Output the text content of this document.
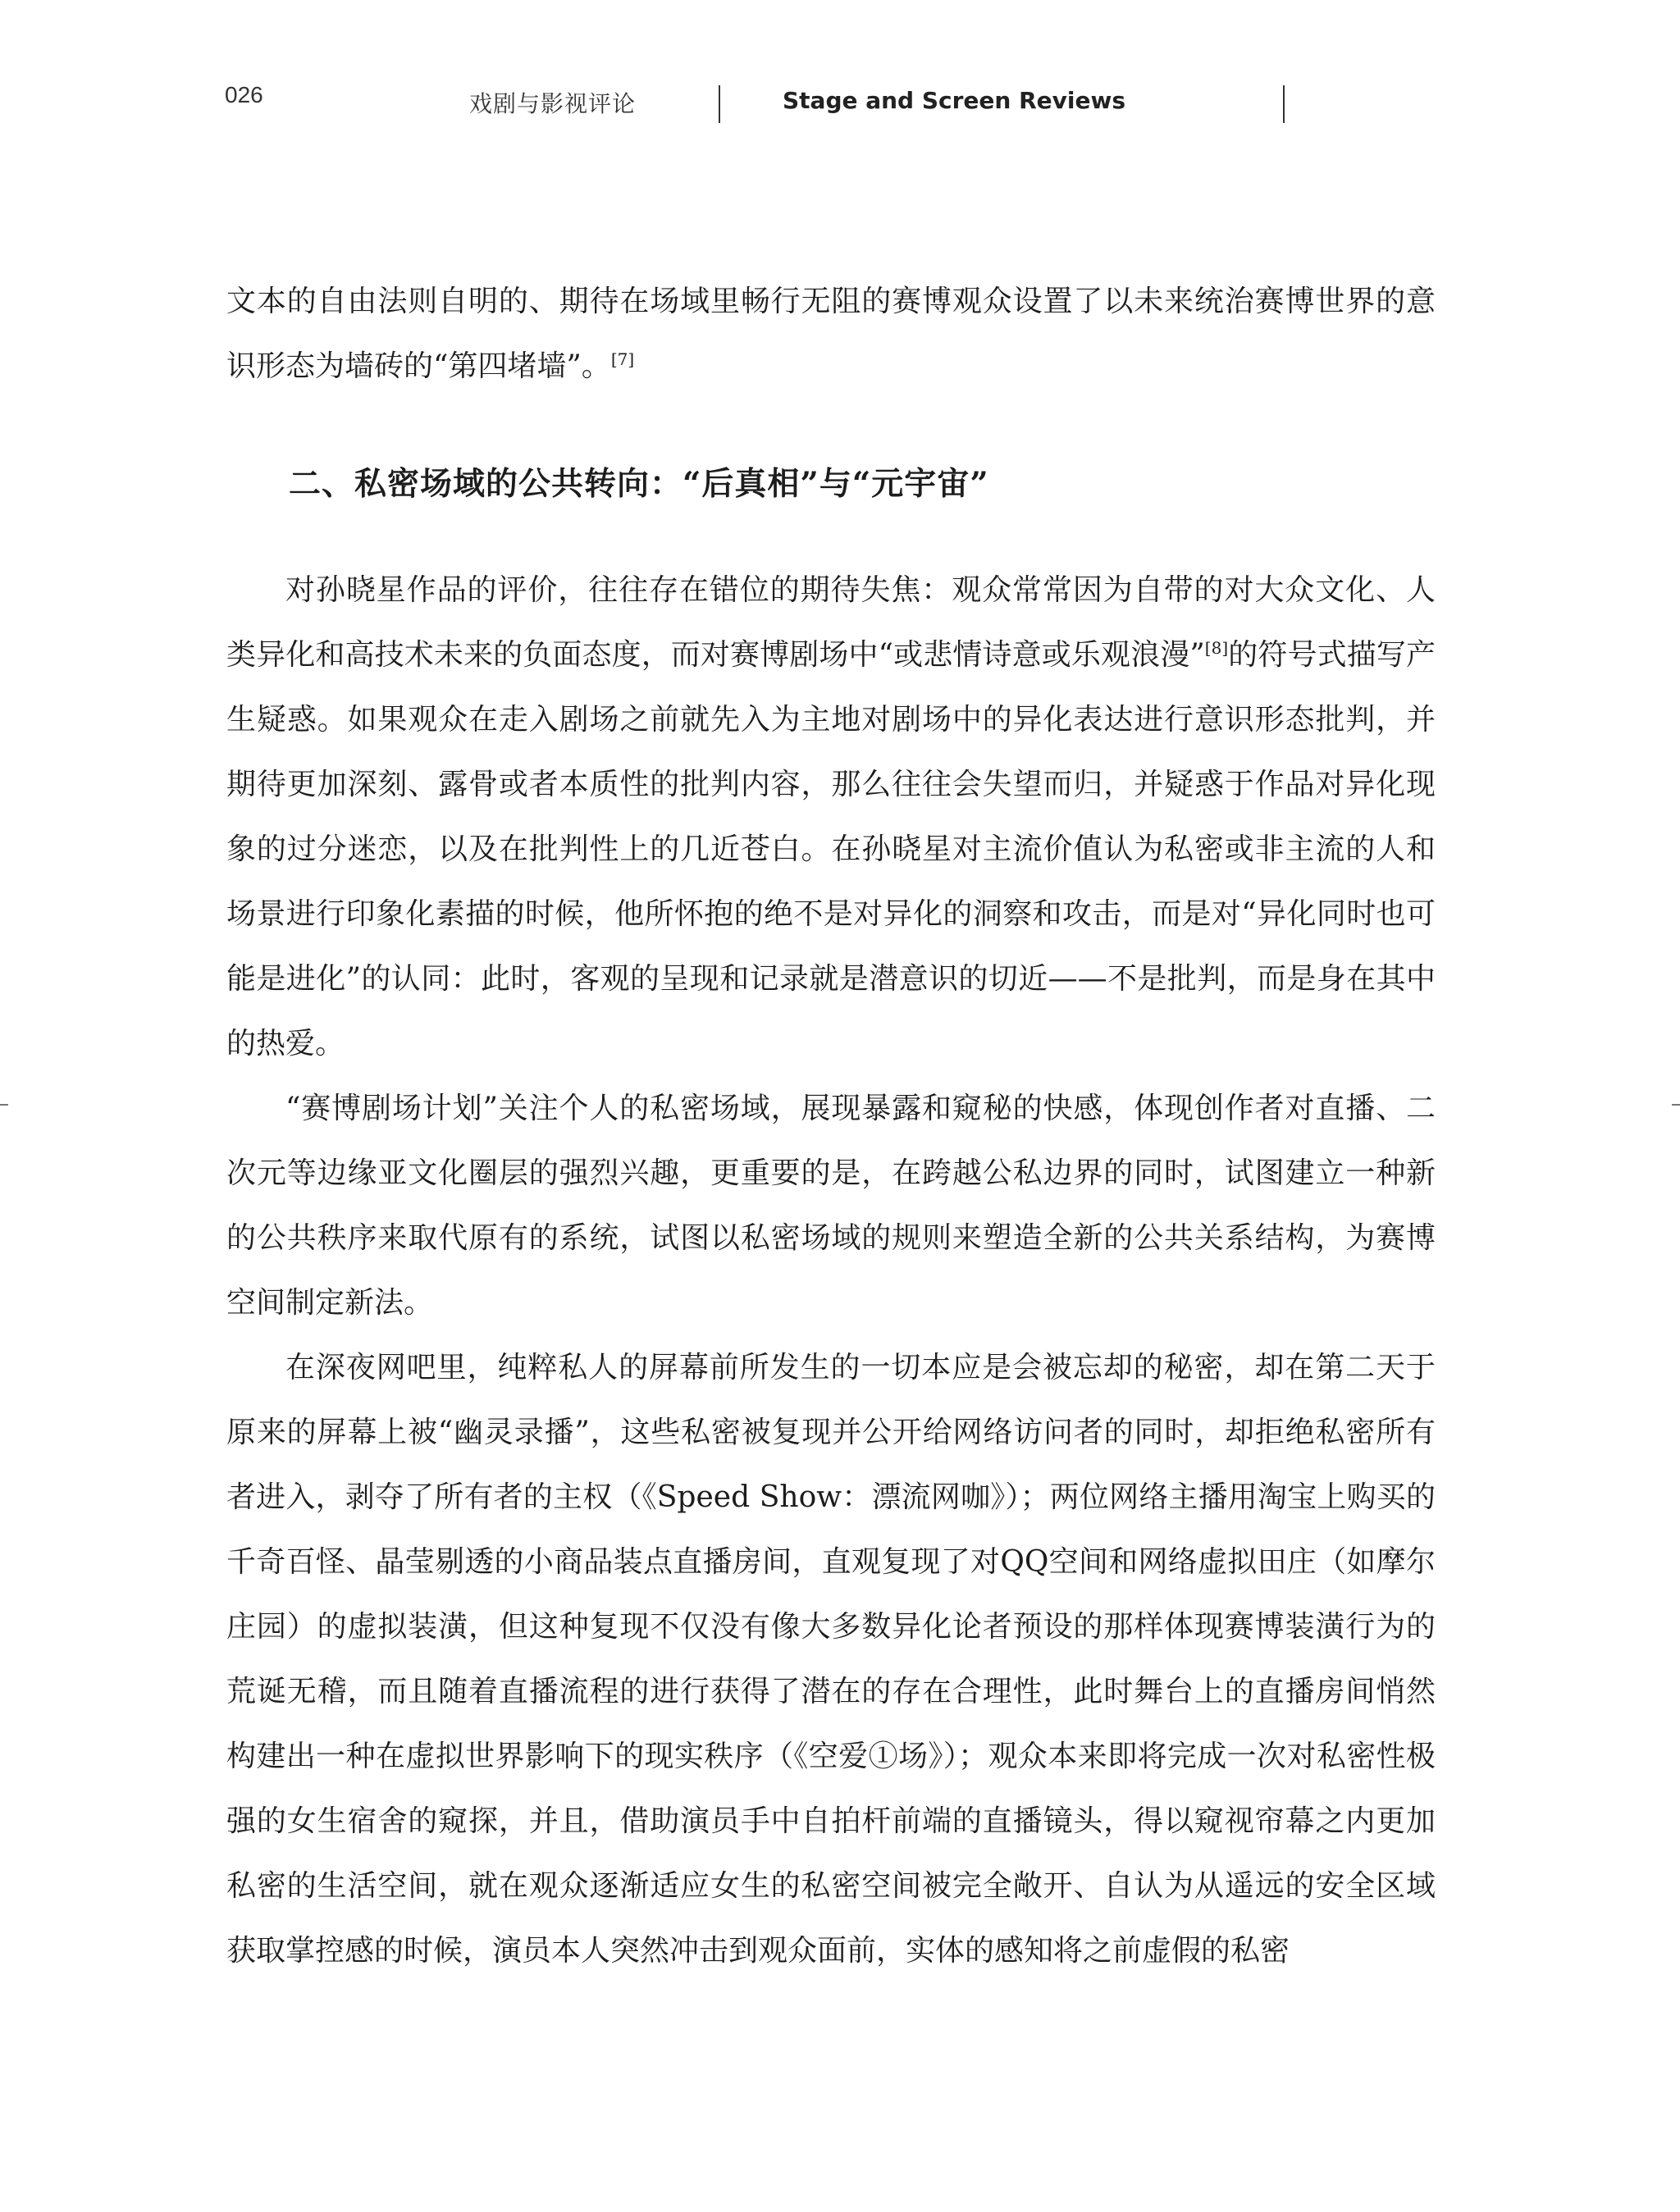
026	戏剧与影视评论	Stage and Screen Reviews

文本的自由法则自明的、期待在场域里畅行无阻的赛博观众设置了以未来统治赛博世界的意识形态为墙砖的“第四堵墙”。[7]

二、私密场域的公共转向：“后真相”与“元宇宙”

对孙晓星作品的评价，往往存在错位的期待失焦：观众常常因为自带的对大众文化、人类异化和高技术未来的负面态度，而对赛博剧场中“或悲情诗意或乐观浪漫”[8]的符号式描写产生疑惑。如果观众在走入剧场之前就先入为主地对剧场中的异化表达进行意识形态批判，并期待更加深刻、露骨或者本质性的批判内容，那么往往会失望而归，并疑惑于作品对异化现象的过分迷恋，以及在批判性上的几近苍白。在孙晓星对主流价值认为私密或非主流的人和场景进行印象化素描的时候，他所怀抱的绝不是对异化的洞察和攻击，而是对“异化同时也可能是进化”的认同：此时，客观的呈现和记录就是潜意识的切近——不是批判，而是身在其中的热爱。

“赛博剧场计划”关注个人的私密场域，展现暴露和窥秘的快感，体现创作者对直播、二次元等边缘亚文化圈层的强烈兴趣，更重要的是，在跨越公私边界的同时，试图建立一种新的公共秩序来取代原有的系统，试图以私密场域的规则来塑造全新的公共关系结构，为赛博空间制定新法。

在深夜网吧里，纯粹私人的屏幕前所发生的一切本应是会被忘却的秘密，却在第二天于原来的屏幕上被“幽灵录播”，这些私密被复现并公开给网络访问者的同时，却拒绝私密所有者进入，剥夺了所有者的主权（《Speed Show：漂流网咖》）；两位网络主播用淘宝上购买的千奇百怪、晶莹剔透的小商品装点直播房间，直观复现了对QQ空间和网络虚拟田庄（如摩尔庄园）的虚拟装潢，但这种复现不仅没有像大多数异化论者预设的那样体现赛博装潢行为的荒诞无稽，而且随着直播流程的进行获得了潜在的存在合理性，此时舞台上的直播房间悄然构建出一种在虚拟世界影响下的现实秩序（《空爱①场》）；观众本来即将完成一次对私密性极强的女生宿舍的窥探，并且，借助演员手中自拍杆前端的直播镜头，得以窥视帘幕之内更加私密的生活空间，就在观众逐渐适应女生的私密空间被完全敞开、自认为从遥远的安全区域获取掌控感的时候，演员本人突然冲击到观众面前，实体的感知将之前虚假的私密
